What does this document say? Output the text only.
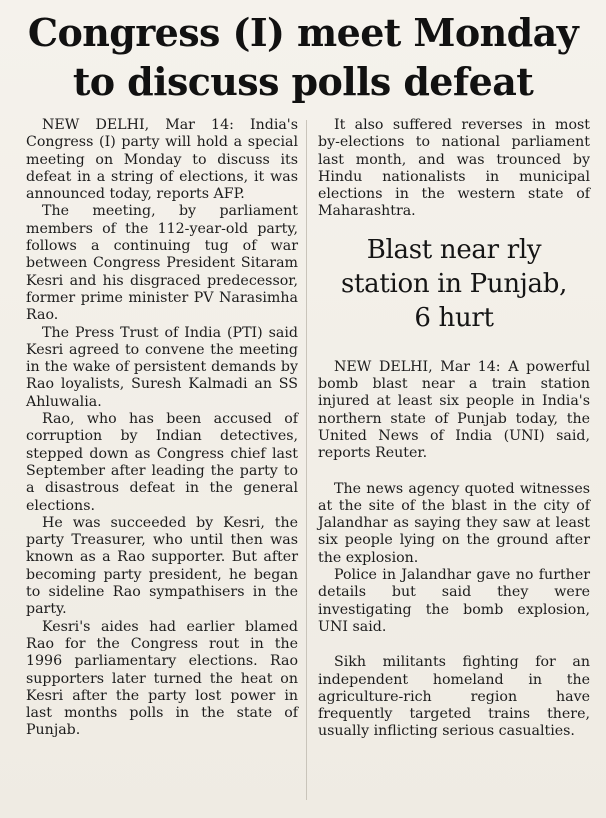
Congress (I) meet Monday
to discuss polls defeat

NEW DELHI, Mar 14: India's Congress (I) party will hold a special meeting on Monday to discuss its defeat in a string of elections, it was announced today, reports AFP.

The meeting, by parliament members of the 112-year-old party, follows a continuing tug of war between Congress President Sitaram Kesri and his disgraced predecessor, former prime minister PV Narasimha Rao.

The Press Trust of India (PTI) said Kesri agreed to convene the meeting in the wake of persistent demands by Rao loyalists, Suresh Kalmadi an SS Ahluwalia.

Rao, who has been accused of corruption by Indian detectives, stepped down as Congress chief last September after leading the party to a disastrous defeat in the general elections.

He was succeeded by Kesri, the party Treasurer, who until then was known as a Rao supporter. But after becoming party president, he began to sideline Rao sympathisers in the party.

Kesri's aides had earlier blamed Rao for the Congress rout in the 1996 parliamentary elections. Rao supporters later turned the heat on Kesri after the party lost power in last months polls in the state of Punjab.

It also suffered reverses in most by-elections to national parliament last month, and was trounced by Hindu nationalists in municipal elections in the western state of Maharashtra.

Blast near rly
station in Punjab,
6 hurt

NEW DELHI, Mar 14: A powerful bomb blast near a train station injured at least six people in India's northern state of Punjab today, the United News of India (UNI) said, reports Reuter.

The news agency quoted witnesses at the site of the blast in the city of Jalandhar as saying they saw at least six people lying on the ground after the explosion.

Police in Jalandhar gave no further details but said they were investigating the bomb explosion, UNI said.

Sikh militants fighting for an independent homeland in the agriculture-rich region have frequently targeted trains there, usually inflicting serious casualties.
